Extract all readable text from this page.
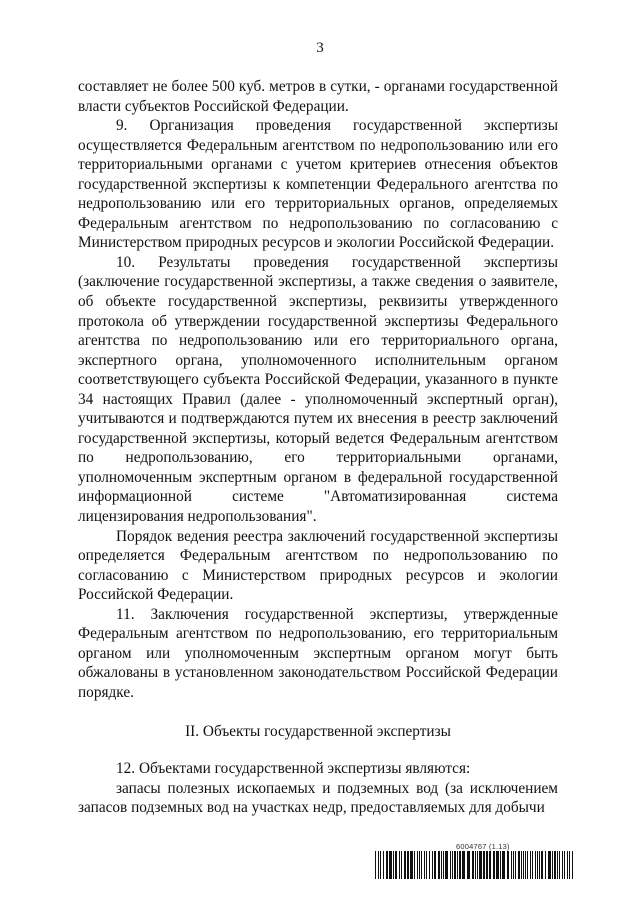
3

составляет не более 500 куб. метров в сутки, - органами государственной власти субъектов Российской Федерации.

9. Организация проведения государственной экспертизы осуществляется Федеральным агентством по недропользованию или его территориальными органами с учетом критериев отнесения объектов государственной экспертизы к компетенции Федерального агентства по недропользованию или его территориальных органов, определяемых Федеральным агентством по недропользованию по согласованию с Министерством природных ресурсов и экологии Российской Федерации.

10. Результаты проведения государственной экспертизы (заключение государственной экспертизы, а также сведения о заявителе, об объекте государственной экспертизы, реквизиты утвержденного протокола об утверждении государственной экспертизы Федерального агентства по недропользованию или его территориального органа, экспертного органа, уполномоченного исполнительным органом соответствующего субъекта Российской Федерации, указанного в пункте 34 настоящих Правил (далее - уполномоченный экспертный орган), учитываются и подтверждаются путем их внесения в реестр заключений государственной экспертизы, который ведется Федеральным агентством по недропользованию, его территориальными органами, уполномоченным экспертным органом в федеральной государственной информационной системе "Автоматизированная система лицензирования недропользования".

Порядок ведения реестра заключений государственной экспертизы определяется Федеральным агентством по недропользованию по согласованию с Министерством природных ресурсов и экологии Российской Федерации.

11. Заключения государственной экспертизы, утвержденные Федеральным агентством по недропользованию, его территориальным органом или уполномоченным экспертным органом могут быть обжалованы в установленном законодательством Российской Федерации порядке.

II. Объекты государственной экспертизы

12. Объектами государственной экспертизы являются:

запасы полезных ископаемых и подземных вод (за исключением запасов подземных вод на участках недр, предоставляемых для добычи

6004767 (1.13)
